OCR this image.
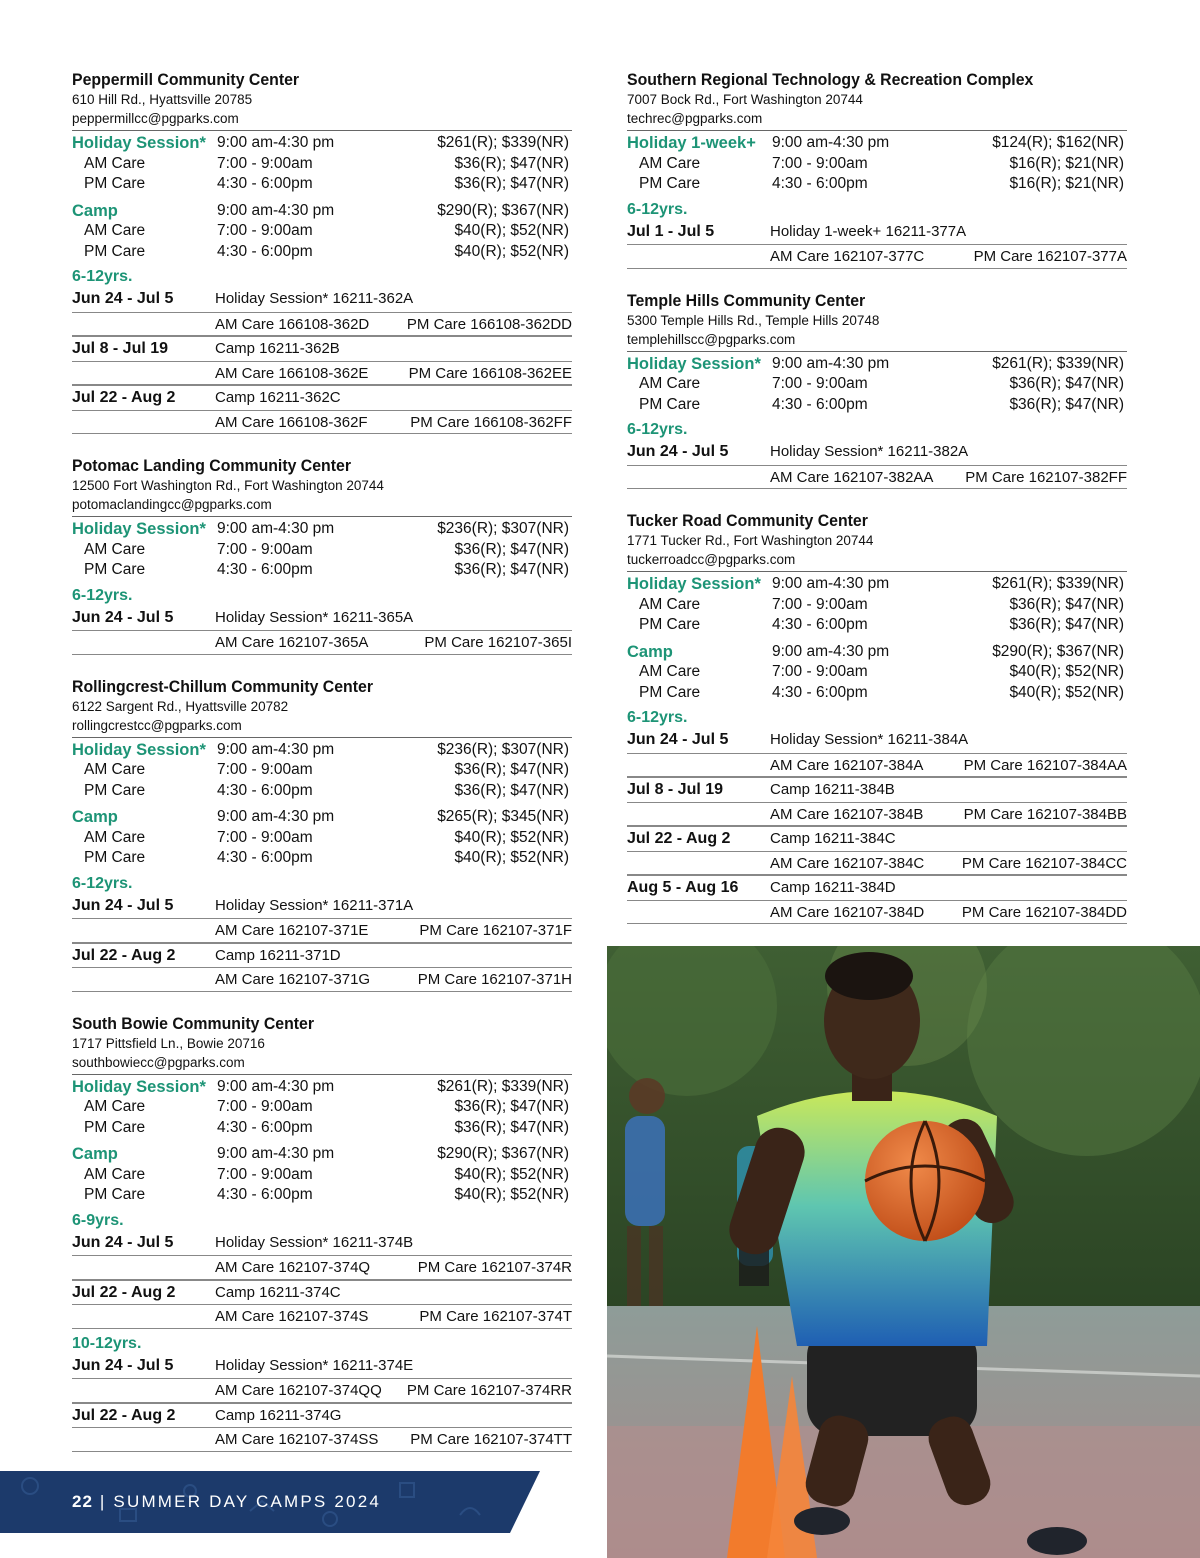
Peppermill Community Center
610 Hill Rd., Hyattsville 20785
peppermillcc@pgparks.com
Holiday Session* 9:00 am-4:30 pm	$261(R); $339(NR)
AM Care	7:00 - 9:00am	$36(R); $47(NR)
PM Care	4:30 - 6:00pm	$36(R); $47(NR)
Camp	9:00 am-4:30 pm	$290(R); $367(NR)
AM Care	7:00 - 9:00am	$40(R); $52(NR)
PM Care	4:30 - 6:00pm	$40(R); $52(NR)
6-12yrs.
Jun 24 - Jul 5	Holiday Session* 16211-362A
AM Care 166108-362D	PM Care 166108-362DD
Jul 8 - Jul 19	Camp 16211-362B
AM Care 166108-362E	PM Care 166108-362EE
Jul 22 - Aug 2	Camp 16211-362C
AM Care 166108-362F	PM Care 166108-362FF
Potomac Landing Community Center
12500 Fort Washington Rd., Fort Washington 20744
potomaclandingcc@pgparks.com
Holiday Session* 9:00 am-4:30 pm	$236(R); $307(NR)
AM Care	7:00 - 9:00am	$36(R); $47(NR)
PM Care	4:30 - 6:00pm	$36(R); $47(NR)
6-12yrs.
Jun 24 - Jul 5	Holiday Session* 16211-365A
AM Care 162107-365A	PM Care 162107-365I
Rollingcrest-Chillum Community Center
6122 Sargent Rd., Hyattsville 20782
rollingcrestcc@pgparks.com
Holiday Session* 9:00 am-4:30 pm	$236(R); $307(NR)
AM Care	7:00 - 9:00am	$36(R); $47(NR)
PM Care	4:30 - 6:00pm	$36(R); $47(NR)
Camp	9:00 am-4:30 pm	$265(R); $345(NR)
AM Care	7:00 - 9:00am	$40(R); $52(NR)
PM Care	4:30 - 6:00pm	$40(R); $52(NR)
6-12yrs.
Jun 24 - Jul 5	Holiday Session* 16211-371A
AM Care 162107-371E	PM Care 162107-371F
Jul 22 - Aug 2	Camp 16211-371D
AM Care 162107-371G	PM Care 162107-371H
South Bowie Community Center
1717 Pittsfield Ln., Bowie 20716
southbowiecc@pgparks.com
Holiday Session* 9:00 am-4:30 pm	$261(R); $339(NR)
AM Care	7:00 - 9:00am	$36(R); $47(NR)
PM Care	4:30 - 6:00pm	$36(R); $47(NR)
Camp	9:00 am-4:30 pm	$290(R); $367(NR)
AM Care	7:00 - 9:00am	$40(R); $52(NR)
PM Care	4:30 - 6:00pm	$40(R); $52(NR)
6-9yrs.
Jun 24 - Jul 5	Holiday Session* 16211-374B
AM Care 162107-374Q	PM Care 162107-374R
Jul 22 - Aug 2	Camp 16211-374C
AM Care 162107-374S	PM Care 162107-374T
10-12yrs.
Jun 24 - Jul 5	Holiday Session* 16211-374E
AM Care 162107-374QQ	PM Care 162107-374RR
Jul 22 - Aug 2	Camp 16211-374G
AM Care 162107-374SS	PM Care 162107-374TT
Southern Regional Technology & Recreation Complex
7007 Bock Rd., Fort Washington 20744
techrec@pgparks.com
Holiday 1-week+	9:00 am-4:30 pm	$124(R); $162(NR)
AM Care	7:00 - 9:00am	$16(R); $21(NR)
PM Care	4:30 - 6:00pm	$16(R); $21(NR)
6-12yrs.
Jul 1 - Jul 5	Holiday 1-week+ 16211-377A
AM Care 162107-377C	PM Care 162107-377A
Temple Hills Community Center
5300 Temple Hills Rd., Temple Hills 20748
templehillscc@pgparks.com
Holiday Session* 9:00 am-4:30 pm	$261(R); $339(NR)
AM Care	7:00 - 9:00am	$36(R); $47(NR)
PM Care	4:30 - 6:00pm	$36(R); $47(NR)
6-12yrs.
Jun 24 - Jul 5	Holiday Session* 16211-382A
AM Care 162107-382AA	PM Care 162107-382FF
Tucker Road Community Center
1771 Tucker Rd., Fort Washington 20744
tuckerroadcc@pgparks.com
Holiday Session* 9:00 am-4:30 pm	$261(R); $339(NR)
AM Care	7:00 - 9:00am	$36(R); $47(NR)
PM Care	4:30 - 6:00pm	$36(R); $47(NR)
Camp	9:00 am-4:30 pm	$290(R); $367(NR)
AM Care	7:00 - 9:00am	$40(R); $52(NR)
PM Care	4:30 - 6:00pm	$40(R); $52(NR)
6-12yrs.
Jun 24 - Jul 5	Holiday Session* 16211-384A
AM Care 162107-384A	PM Care 162107-384AA
Jul 8 - Jul 19	Camp 16211-384B
AM Care 162107-384B	PM Care 162107-384BB
Jul 22 - Aug 2	Camp 16211-384C
AM Care 162107-384C	PM Care 162107-384CC
Aug 5 - Aug 16	Camp 16211-384D
AM Care 162107-384D	PM Care 162107-384DD
22 | SUMMER DAY CAMPS 2024
